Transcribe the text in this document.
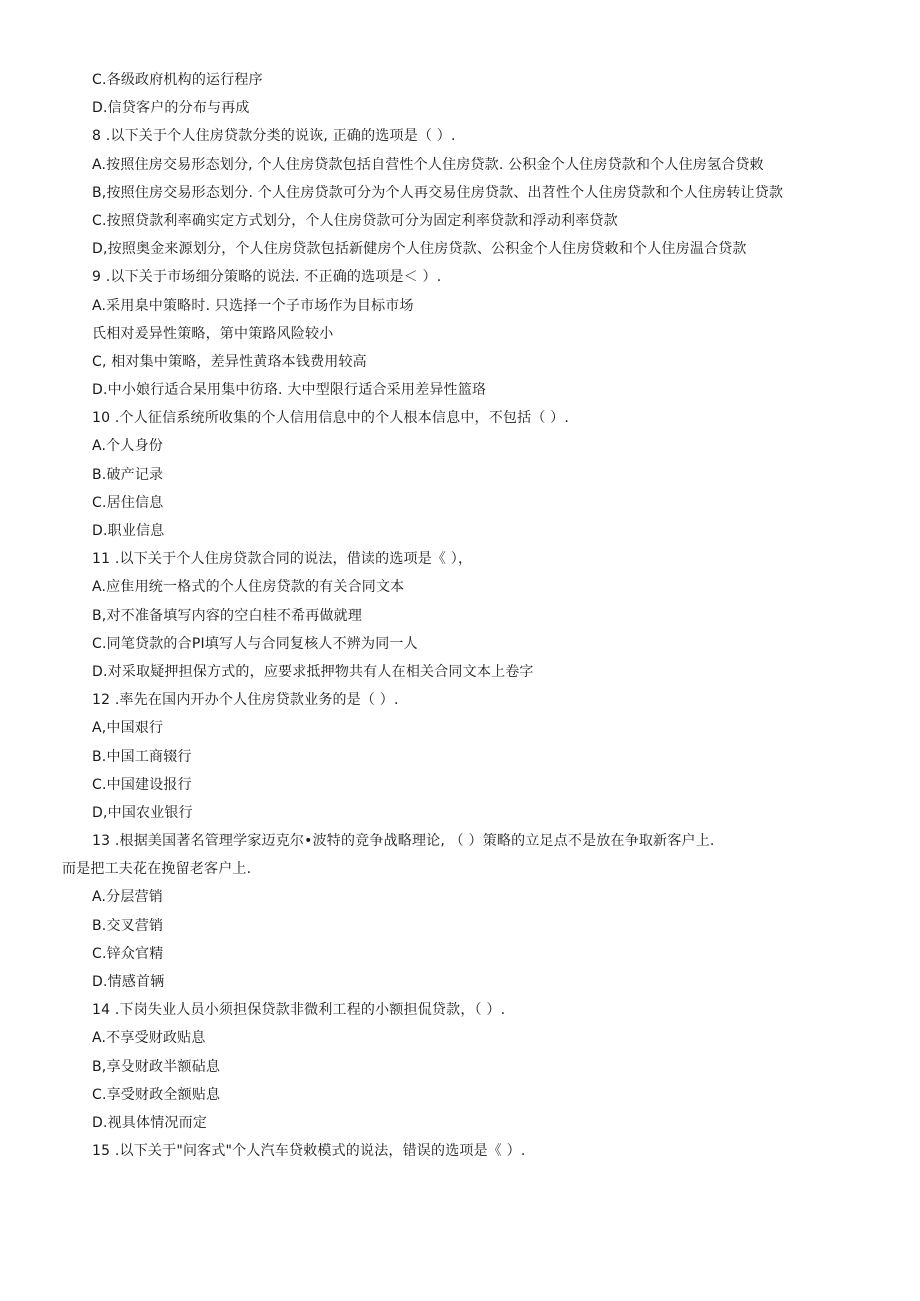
C.各级政府机构的运行程序
D.信贷客户的分布与再成
8 .以下关于个人住房贷款分类的说诙, 正确的选项是（ ）.
A.按照住房交易形态划分, 个人住房贷款包括自营性个人住房贷款. 公积金个人住房贷款和个人住房氢合贷敕
B,按照住房交易形态划分. 个人住房贷款可分为个人再交易住房贷款、出苕性个人住房贷款和个人住房转让贷款
C.按照贷款利率确实定方式划分，个人住房贷款可分为固定利率贷款和浮动利率贷款
D,按照奥金来源划分，个人住房贷款包括新健房个人住房贷款、公积金个人住房贷敕和个人住房温合贷款
9 .以下关于市场细分策略的说法. 不正确的选项是＜ ）.
A.采用臬中策略时. 只选择一个子市场作为目标市场
氏相对爰异性策略，第中策路风险较小
C, 相对集中策略，差异性黄珞本钱费用较高
D.中小娘行适合杲用集中彷珞. 大中型限行适合采用差异性篮珞
10 .个人征信系统所收集的个人信用信息中的个人根本信息中，不包括（ ）.
A.个人身份
B.破产记录
C.居住信息
D.职业信息
11 .以下关于个人住房贷款合同的说法，借读的选项是《 ），
A.应隹用统一格式的个人住房贷款的有关合同文本
B,对不准备填写内容的空白桂不希再做就理
C.同笔贷款的合PI填写人与合同复核人不辨为同一人
D.对采取疑押担保方式的，应要求抵押物共有人在相关合同文本上卷字
12 .率先在国内开办个人住房贷款业务的是（ ）.
A,中国艰行
B.中国工商辍行
C.中国建设报行
D,中国农业银行
13 .根据美国著名管理学家迈克尔•波特的竞争战略理论, （ ）策略的立足点不是放在争取新客户上.
而是把工夫花在挽留老客户上.
A.分层营销
B.交叉营销
C.锌众官精
D.情感首辆
14 .下岗失业人员小须担保贷款非微利工程的小额担侃贷款，（ ）.
A.不享受财政贴息
B,享殳财政半额砧息
C.享受财政全额贴息
D.视具体情况而定
15 .以下关于"问客式"个人汽车贷敕模式的说法，错误的选项是《 ）.
